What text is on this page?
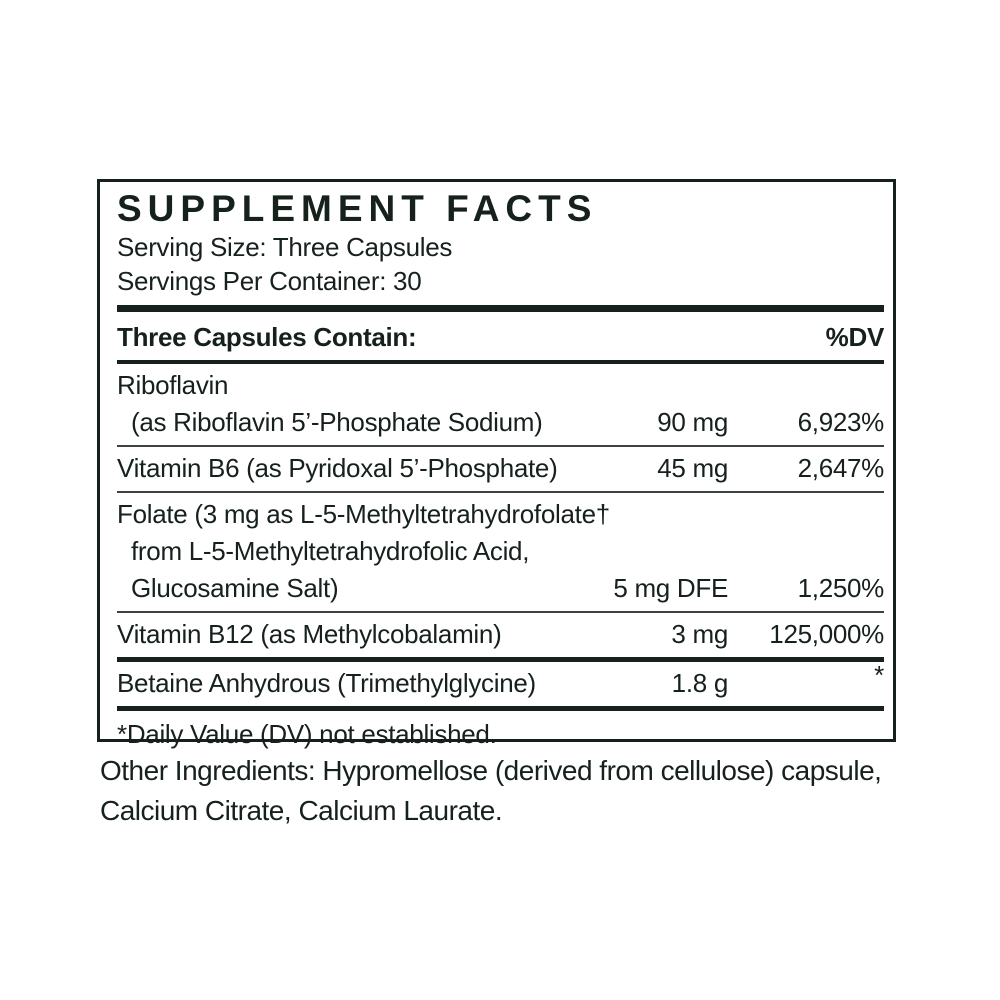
SUPPLEMENT FACTS
Serving Size: Three Capsules
Servings Per Container: 30
Three Capsules Contain:	%DV
Riboflavin
(as Riboflavin 5’-Phosphate Sodium)	90 mg	6,923%
Vitamin B6 (as Pyridoxal 5’-Phosphate)	45 mg	2,647%
Folate (3 mg as L-5-Methyltetrahydrofolate†
from L-5-Methyltetrahydrofolic Acid,
Glucosamine Salt)	5 mg DFE	1,250%
Vitamin B12 (as Methylcobalamin)	3 mg	125,000%
Betaine Anhydrous (Trimethylglycine)	1.8 g	*
*Daily Value (DV) not established.
Other Ingredients: Hypromellose (derived from cellulose) capsule,
Calcium Citrate, Calcium Laurate.
